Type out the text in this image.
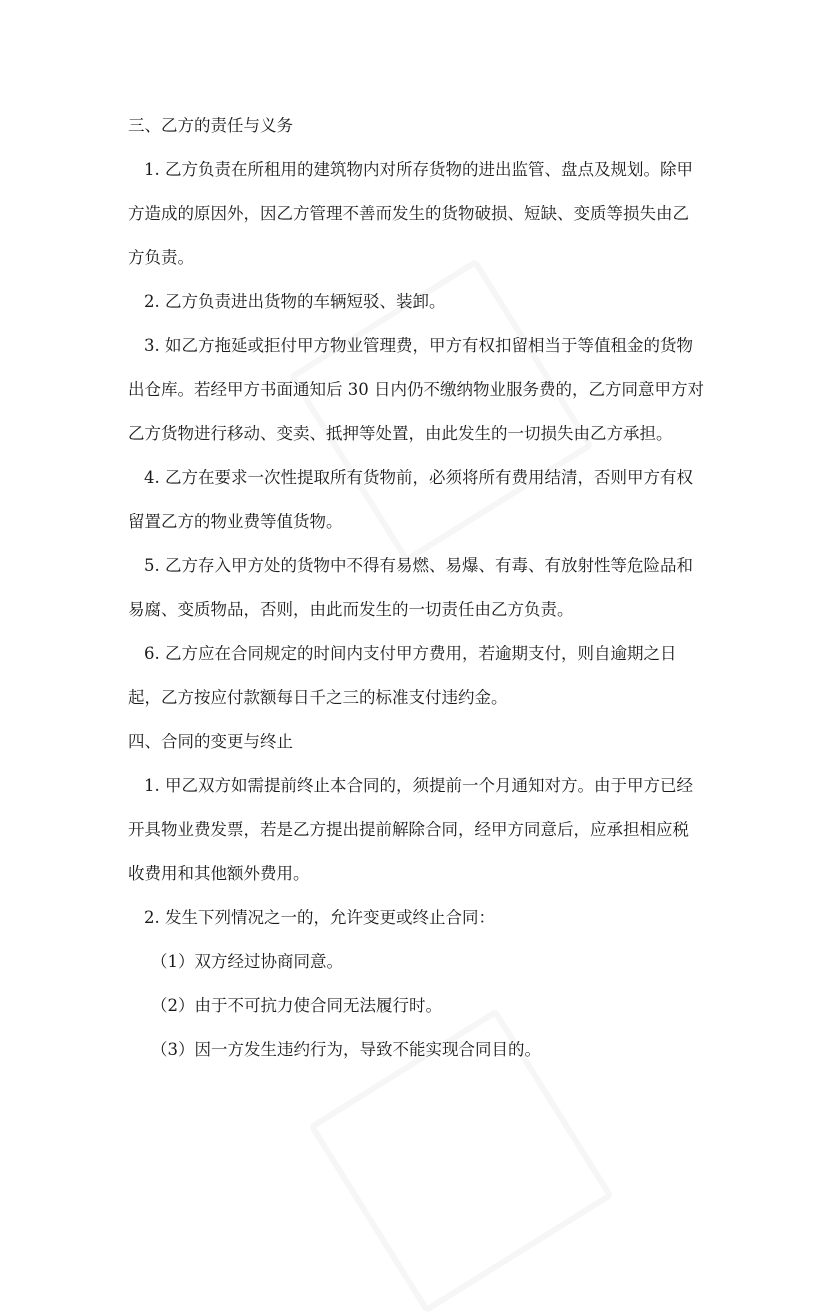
三、乙方的责任与义务

1. 乙方负责在所租用的建筑物内对所存货物的进出监管、盘点及规划。除甲

方造成的原因外，因乙方管理不善而发生的货物破损、短缺、变质等损失由乙

方负责。

2. 乙方负责进出货物的车辆短驳、装卸。

3. 如乙方拖延或拒付甲方物业管理费，甲方有权扣留相当于等值租金的货物

出仓库。若经甲方书面通知后 30 日内仍不缴纳物业服务费的，乙方同意甲方对

乙方货物进行移动、变卖、抵押等处置，由此发生的一切损失由乙方承担。

4. 乙方在要求一次性提取所有货物前，必须将所有费用结清，否则甲方有权

留置乙方的物业费等值货物。

5. 乙方存入甲方处的货物中不得有易燃、易爆、有毒、有放射性等危险品和

易腐、变质物品，否则，由此而发生的一切责任由乙方负责。

6. 乙方应在合同规定的时间内支付甲方费用，若逾期支付，则自逾期之日

起，乙方按应付款额每日千之三的标准支付违约金。

四、合同的变更与终止

1. 甲乙双方如需提前终止本合同的，须提前一个月通知对方。由于甲方已经

开具物业费发票，若是乙方提出提前解除合同，经甲方同意后，应承担相应税

收费用和其他额外费用。

2. 发生下列情况之一的，允许变更或终止合同：

（1）双方经过协商同意。

（2）由于不可抗力使合同无法履行时。

（3）因一方发生违约行为，导致不能实现合同目的。
